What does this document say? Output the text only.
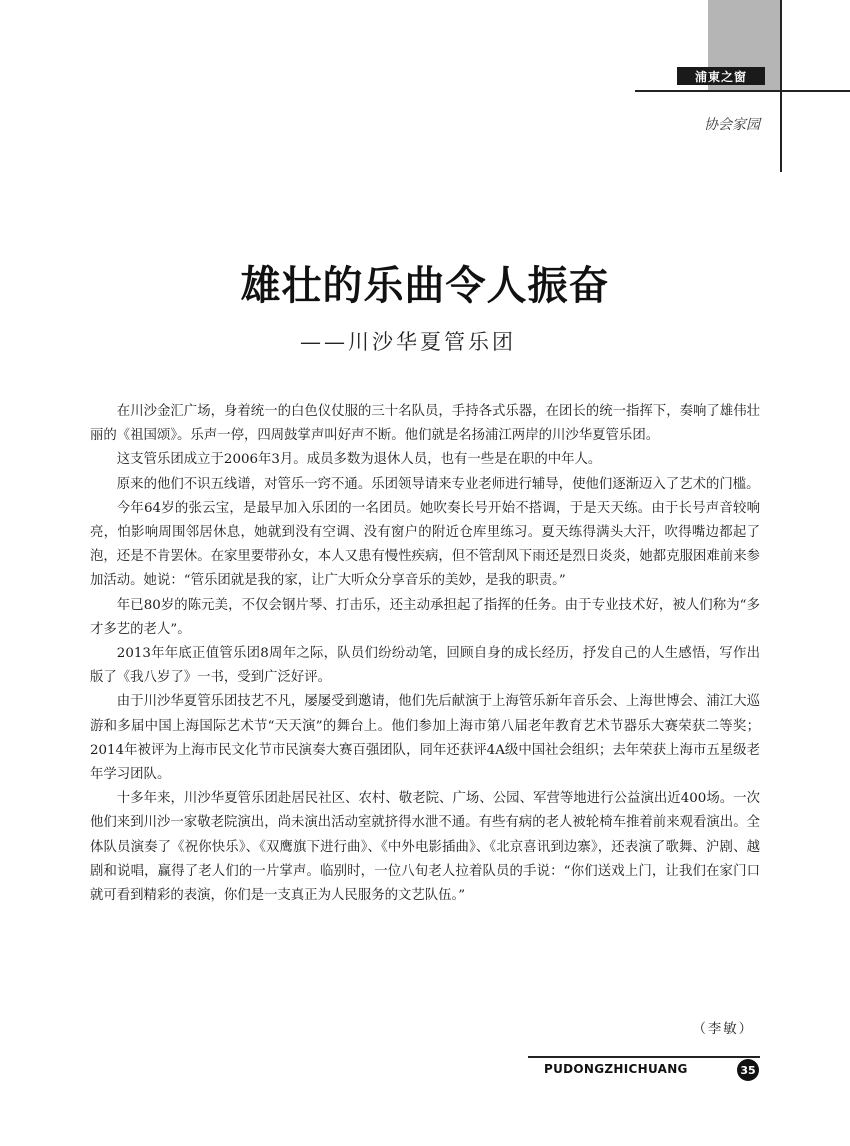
浦東之窗
协会家园
雄壮的乐曲令人振奋
——川沙华夏管乐团

在川沙金汇广场，身着统一的白色仪仗服的三十名队员，手持各式乐器，在团长的统一指挥下，奏响了雄伟壮丽的《祖国颂》。乐声一停，四周鼓掌声叫好声不断。他们就是名扬浦江两岸的川沙华夏管乐团。

这支管乐团成立于2006年3月。成员多数为退休人员，也有一些是在职的中年人。

原来的他们不识五线谱，对管乐一窍不通。乐团领导请来专业老师进行辅导，使他们逐渐迈入了艺术的门槛。

今年64岁的张云宝，是最早加入乐团的一名团员。她吹奏长号开始不搭调，于是天天练。由于长号声音较响亮，怕影响周围邻居休息，她就到没有空调、没有窗户的附近仓库里练习。夏天练得满头大汗，吹得嘴边都起了泡，还是不肯罢休。在家里要带孙女，本人又患有慢性疾病，但不管刮风下雨还是烈日炎炎，她都克服困难前来参加活动。她说：“管乐团就是我的家，让广大听众分享音乐的美妙，是我的职责。”

年已80岁的陈元美，不仅会钢片琴、打击乐，还主动承担起了指挥的任务。由于专业技术好，被人们称为“多才多艺的老人”。

2013年年底正值管乐团8周年之际，队员们纷纷动笔，回顾自身的成长经历，抒发自己的人生感悟，写作出版了《我八岁了》一书，受到广泛好评。

由于川沙华夏管乐团技艺不凡，屡屡受到邀请，他们先后献演于上海管乐新年音乐会、上海世博会、浦江大巡游和多届中国上海国际艺术节“天天演”的舞台上。他们参加上海市第八届老年教育艺术节器乐大赛荣获二等奖；2014年被评为上海市民文化节市民演奏大赛百强团队，同年还获评4A级中国社会组织；去年荣获上海市五星级老年学习团队。

十多年来，川沙华夏管乐团赴居民社区、农村、敬老院、广场、公园、军营等地进行公益演出近400场。一次他们来到川沙一家敬老院演出，尚未演出活动室就挤得水泄不通。有些有病的老人被轮椅车推着前来观看演出。全体队员演奏了《祝你快乐》、《双鹰旗下进行曲》、《中外电影插曲》、《北京喜讯到边寨》，还表演了歌舞、沪剧、越剧和说唱，赢得了老人们的一片掌声。临别时，一位八旬老人拉着队员的手说：“你们送戏上门，让我们在家门口就可看到精彩的表演，你们是一支真正为人民服务的文艺队伍。”

（李敏）
PUDONGZHICHUANG	35
